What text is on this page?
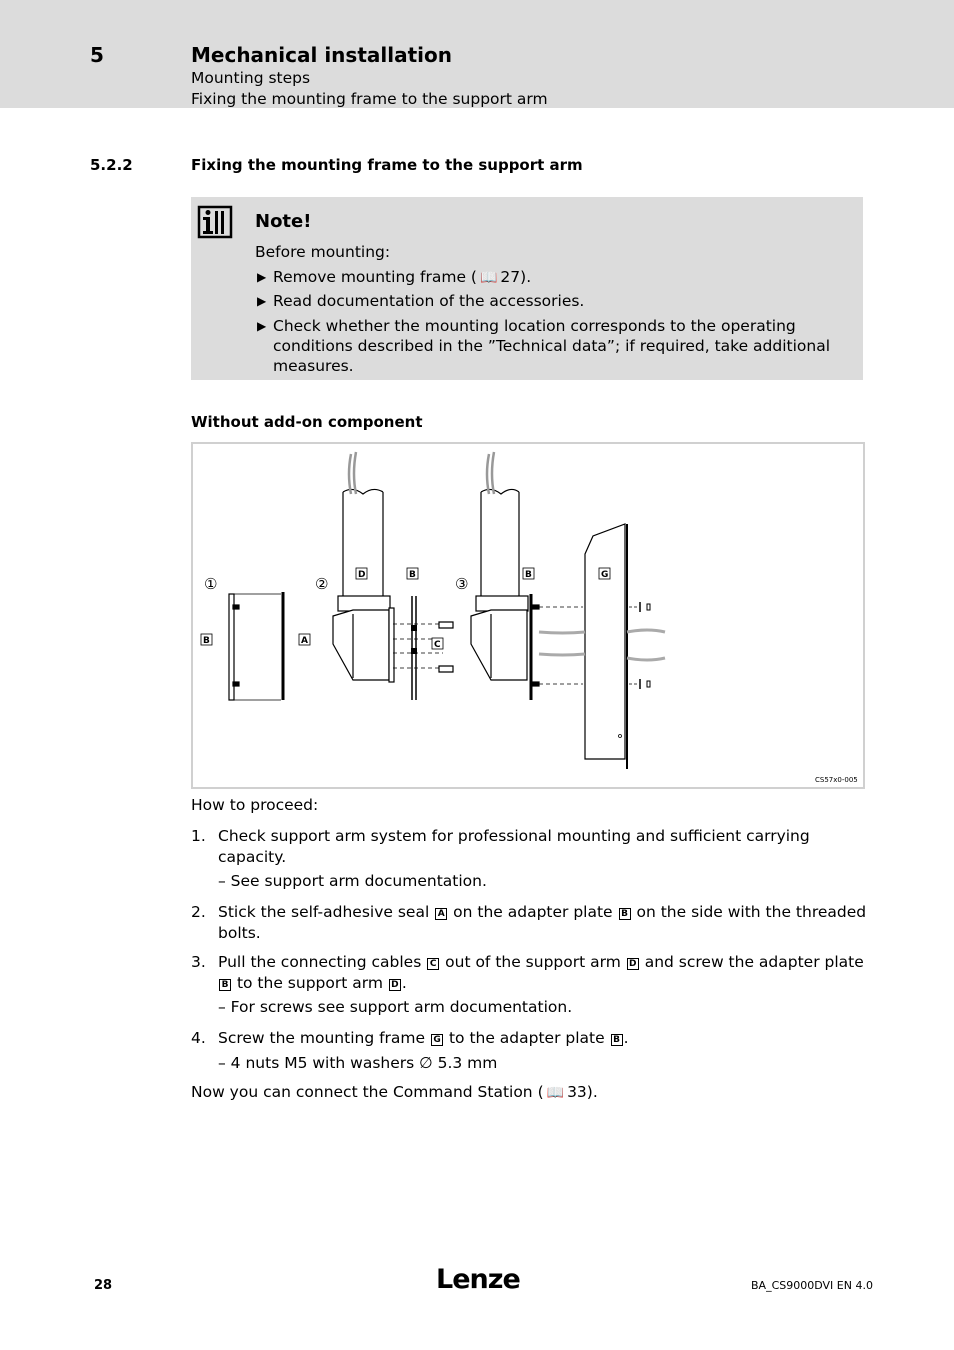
5	Mechanical installation
Mounting steps
Fixing the mounting frame to the support arm
5.2.2	Fixing the mounting frame to the support arm
Note!
Before mounting:
▶ Remove mounting frame ( 📖 27).
▶ Read documentation of the accessories.
▶ Check whether the mounting location corresponds to the operating conditions described in the ”Technical data”; if required, take additional measures.
Without add-on component
①	②	③
B	A
D	B
C
B	G
CS57x0-005
How to proceed:
1. Check support arm system for professional mounting and sufficient carrying capacity.
– See support arm documentation.
2. Stick the self-adhesive seal A on the adapter plate B on the side with the threaded bolts.
3. Pull the connecting cables C out of the support arm D and screw the adapter plate B to the support arm D .
– For screws see support arm documentation.
4. Screw the mounting frame G to the adapter plate B .
– 4 nuts M5 with washers ∅ 5.3 mm
Now you can connect the Command Station ( 📖 33).
28	Lenze	BA_CS9000DVI EN 4.0
